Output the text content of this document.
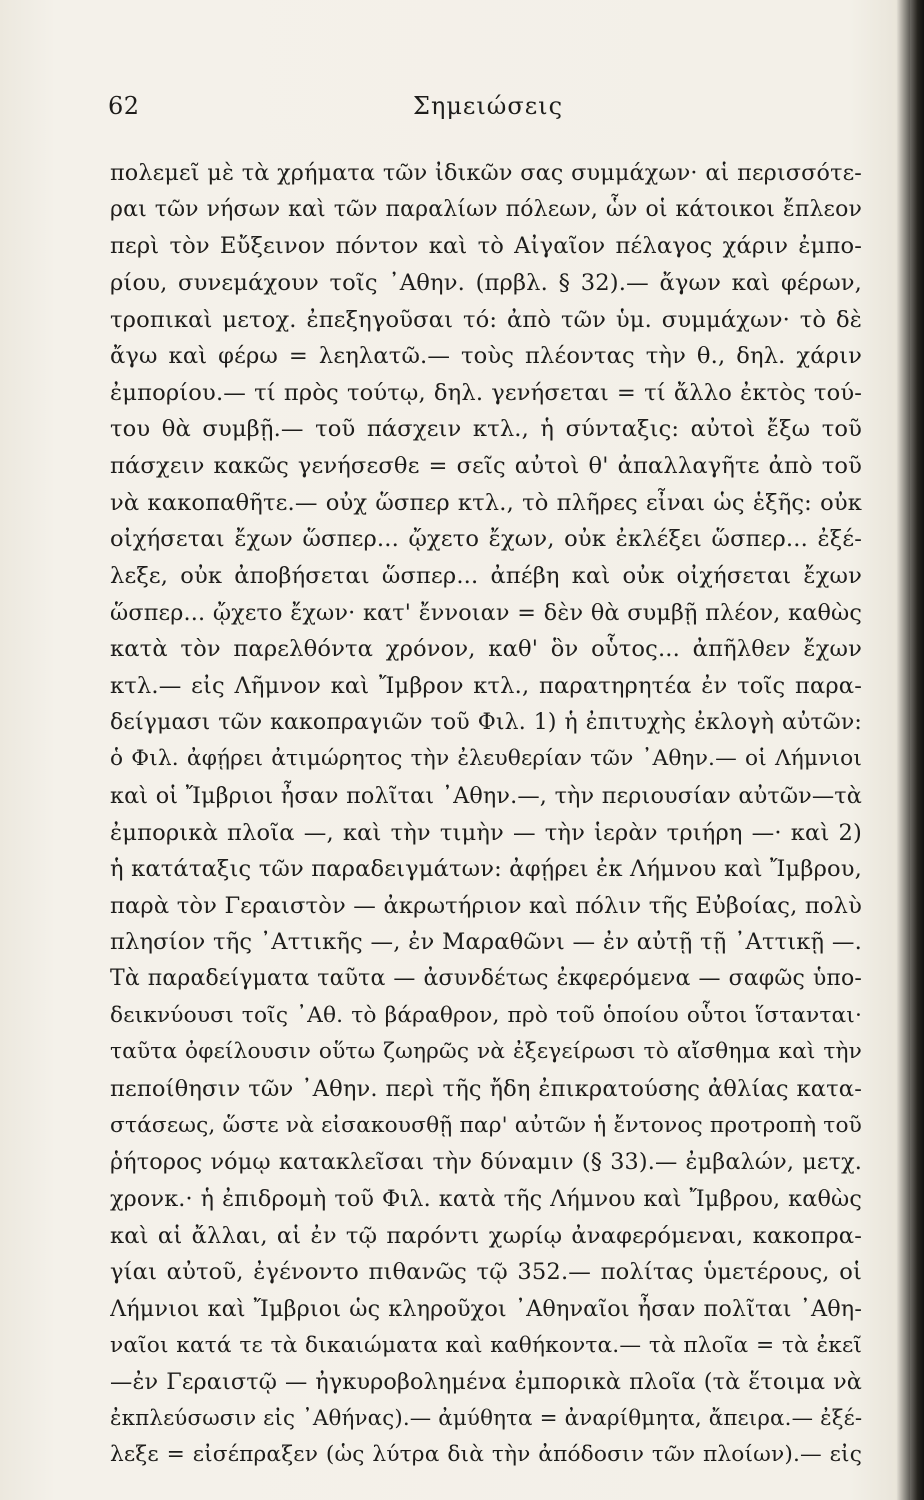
62	Σημειώσεις
πολεμεῖ μὲ τὰ χρήματα τῶν ἰδικῶν σας συμμάχων· αἱ περισσότε-
ραι τῶν νήσων καὶ τῶν παραλίων πόλεων, ὧν οἱ κάτοικοι ἔπλεον
περὶ τὸν Εὔξεινον πόντον καὶ τὸ Αἰγαῖον πέλαγος χάριν ἐμπο-
ρίου, συνεμάχουν τοῖς ᾿Αθην. (πρβλ. § 32).— ἄγων καὶ φέρων,
τροπικαὶ μετοχ. ἐπεξηγοῦσαι τό: ἀπὸ τῶν ὑμ. συμμάχων· τὸ δὲ
ἄγω καὶ φέρω = λεηλατῶ.— τοὺς πλέοντας τὴν θ., δηλ. χάριν
ἐμπορίου.— τί πρὸς τούτῳ, δηλ. γενήσεται = τί ἄλλο ἐκτὸς τού-
του θὰ συμβῇ.— τοῦ πάσχειν κτλ., ἡ σύνταξις: αὐτοὶ ἔξω τοῦ
πάσχειν κακῶς γενήσεσθε = σεῖς αὐτοὶ θ' ἀπαλλαγῆτε ἀπὸ τοῦ
νὰ κακοπαθῆτε.— οὐχ ὥσπερ κτλ., τὸ πλῆρες εἶναι ὡς ἑξῆς: οὐκ
οἰχήσεται ἔχων ὥσπερ... ᾤχετο ἔχων, οὐκ ἐκλέξει ὥσπερ... ἐξέ-
λεξε, οὐκ ἀποβήσεται ὥσπερ... ἀπέβη καὶ οὐκ οἰχήσεται ἔχων
ὥσπερ... ᾤχετο ἔχων· κατ' ἔννοιαν = δὲν θὰ συμβῇ πλέον, καθὼς
κατὰ τὸν παρελθόντα χρόνον, καθ' ὃν οὗτος... ἀπῆλθεν ἔχων
κτλ.— εἰς Λῆμνον καὶ Ἴμβρον κτλ., παρατηρητέα ἐν τοῖς παρα-
δείγμασι τῶν κακοπραγιῶν τοῦ Φιλ. 1) ἡ ἐπιτυχὴς ἐκλογὴ αὐτῶν:
ὁ Φιλ. ἀφῄρει ἀτιμώρητος τὴν ἐλευθερίαν τῶν ᾿Αθην.— οἱ Λήμνιοι
καὶ οἱ Ἴμβριοι ἦσαν πολῖται ᾿Αθην.—, τὴν περιουσίαν αὐτῶν—τὰ
ἐμπορικὰ πλοῖα —, καὶ τὴν τιμὴν — τὴν ἱερὰν τριήρη —· καὶ 2)
ἡ κατάταξις τῶν παραδειγμάτων: ἀφῄρει ἐκ Λήμνου καὶ Ἴμβρου,
παρὰ τὸν Γεραιστὸν — ἀκρωτήριον καὶ πόλιν τῆς Εὐβοίας, πολὺ
πλησίον τῆς ᾿Αττικῆς —, ἐν Μαραθῶνι — ἐν αὐτῇ τῇ ᾿Αττικῇ —.
Τὰ παραδείγματα ταῦτα — ἀσυνδέτως ἐκφερόμενα — σαφῶς ὑπο-
δεικνύουσι τοῖς ᾿Αθ. τὸ βάραθρον, πρὸ τοῦ ὁποίου οὗτοι ἵστανται·
ταῦτα ὀφείλουσιν οὕτω ζωηρῶς νὰ ἐξεγείρωσι τὸ αἴσθημα καὶ τὴν
πεποίθησιν τῶν ᾿Αθην. περὶ τῆς ἤδη ἐπικρατούσης ἀθλίας κατα-
στάσεως, ὥστε νὰ εἰσακουσθῇ παρ' αὐτῶν ἡ ἔντονος προτροπὴ τοῦ
ῥήτορος νόμῳ κατακλεῖσαι τὴν δύναμιν (§ 33).— ἐμβαλών, μετχ.
χρονκ.· ἡ ἐπιδρομὴ τοῦ Φιλ. κατὰ τῆς Λήμνου καὶ Ἴμβρου, καθὼς
καὶ αἱ ἄλλαι, αἱ ἐν τῷ παρόντι χωρίῳ ἀναφερόμεναι, κακοπρα-
γίαι αὐτοῦ, ἐγένοντο πιθανῶς τῷ 352.— πολίτας ὑμετέρους, οἱ
Λήμνιοι καὶ Ἴμβριοι ὡς κληροῦχοι ᾿Αθηναῖοι ἦσαν πολῖται ᾿Αθη-
ναῖοι κατά τε τὰ δικαιώματα καὶ καθήκοντα.— τὰ πλοῖα = τὰ ἐκεῖ
—ἐν Γεραιστῷ — ἠγκυροβολημένα ἐμπορικὰ πλοῖα (τὰ ἕτοιμα νὰ
ἐκπλεύσωσιν εἰς ᾿Αθήνας).— ἀμύθητα = ἀναρίθμητα, ἄπειρα.— ἐξέ-
λεξε = εἰσέπραξεν (ὡς λύτρα διὰ τὴν ἀπόδοσιν τῶν πλοίων).— εἰς
